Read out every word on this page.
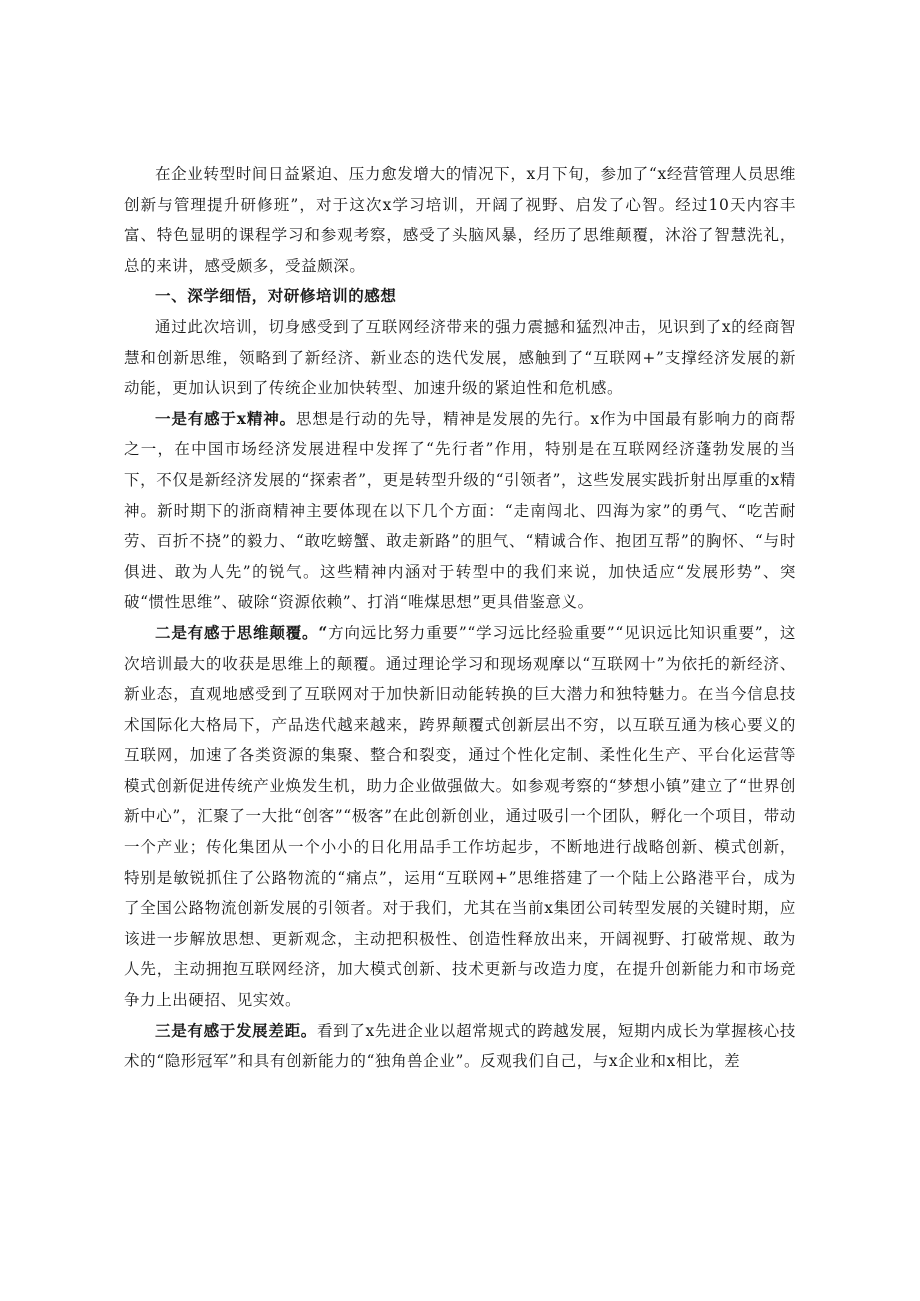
在企业转型时间日益紧迫、压力愈发增大的情况下，x月下旬，参加了“x经营管理人员思维创新与管理提升研修班”，对于这次x学习培训，开阔了视野、启发了心智。经过10天内容丰富、特色显明的课程学习和参观考察，感受了头脑风暴，经历了思维颠覆，沐浴了智慧洗礼，总的来讲，感受颇多，受益颇深。

一、深学细悟，对研修培训的感想

通过此次培训，切身感受到了互联网经济带来的强力震撼和猛烈冲击，见识到了x的经商智慧和创新思维，领略到了新经济、新业态的迭代发展，感触到了“互联网+”支撑经济发展的新动能，更加认识到了传统企业加快转型、加速升级的紧迫性和危机感。

一是有感于x精神。思想是行动的先导，精神是发展的先行。x作为中国最有影响力的商帮之一，在中国市场经济发展进程中发挥了“先行者”作用，特别是在互联网经济蓬勃发展的当下，不仅是新经济发展的“探索者”，更是转型升级的“引领者”，这些发展实践折射出厚重的x精神。新时期下的浙商精神主要体现在以下几个方面：“走南闯北、四海为家”的勇气、“吃苦耐劳、百折不挠”的毅力、“敢吃螃蟹、敢走新路”的胆气、“精诚合作、抱团互帮”的胸怀、“与时俱进、敢为人先”的锐气。这些精神内涵对于转型中的我们来说，加快适应“发展形势”、突破“惯性思维”、破除“资源依赖”、打消“唯煤思想”更具借鉴意义。

二是有感于思维颠覆。“方向远比努力重要”“学习远比经验重要”“见识远比知识重要”，这次培训最大的收获是思维上的颠覆。通过理论学习和现场观摩以“互联网十”为依托的新经济、新业态，直观地感受到了互联网对于加快新旧动能转换的巨大潜力和独特魅力。在当今信息技术国际化大格局下，产品迭代越来越来，跨界颠覆式创新层出不穷，以互联互通为核心要义的互联网，加速了各类资源的集聚、整合和裂变，通过个性化定制、柔性化生产、平台化运营等模式创新促进传统产业焕发生机，助力企业做强做大。如参观考察的“梦想小镇”建立了“世界创新中心”，汇聚了一大批“创客”“极客”在此创新创业，通过吸引一个团队，孵化一个项目，带动一个产业；传化集团从一个小小的日化用品手工作坊起步，不断地进行战略创新、模式创新，特别是敏锐抓住了公路物流的“痛点”，运用“互联网+”思维搭建了一个陆上公路港平台，成为了全国公路物流创新发展的引领者。对于我们，尤其在当前x集团公司转型发展的关键时期，应该进一步解放思想、更新观念，主动把积极性、创造性释放出来，开阔视野、打破常规、敢为人先，主动拥抱互联网经济，加大模式创新、技术更新与改造力度，在提升创新能力和市场竞争力上出硬招、见实效。

三是有感于发展差距。看到了x先进企业以超常规式的跨越发展，短期内成长为掌握核心技术的“隐形冠军”和具有创新能力的“独角兽企业”。反观我们自己，与x企业和x相比，差
